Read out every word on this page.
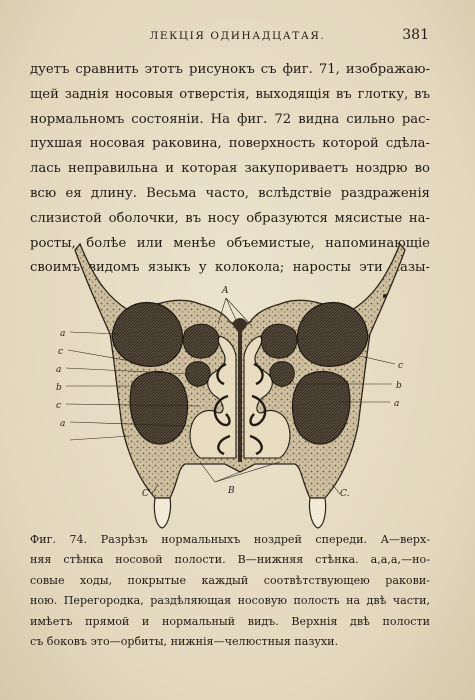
ЛЕКЦІЯ ОДИНАДЦАТАЯ.	381

дуетъ сравнить этотъ рисунокъ съ фиг. 71, изображаю-
щей заднія носовыя отверстія, выходящія въ глотку, въ
нормальномъ состояніи. На фиг. 72 видна сильно рас-
пухшая носовая раковина, поверхность которой сдѣла-
лась неправильна и которая закупориваетъ ноздрю во
всю ея длину. Весьма часто, вслѣдствіе раздраженія
слизистой оболочки, въ носу образуются мясистые на-
росты, болѣе или менѣе объемистые, напоминающіе
своимъ видомъ языкъ у колокола; наросты эти назы-

A
B
C	C.
a
c
a
b
c
a
c
b
a
Фиг. 74. Разрѣзъ нормальныхъ ноздрей спереди. А—верх-
няя стѣнка носовой полости. В—нижняя стѣнка. а,а,а,—но-
совые ходы, покрытые каждый соотвѣтствующею ракови-
ною. Перегородка, раздѣляющая носовую полость на двѣ части,
имѣетъ прямой и нормальный видъ. Верхнія двѣ полости
съ боковъ это—орбиты, нижнія—челюстныя пазухи.
